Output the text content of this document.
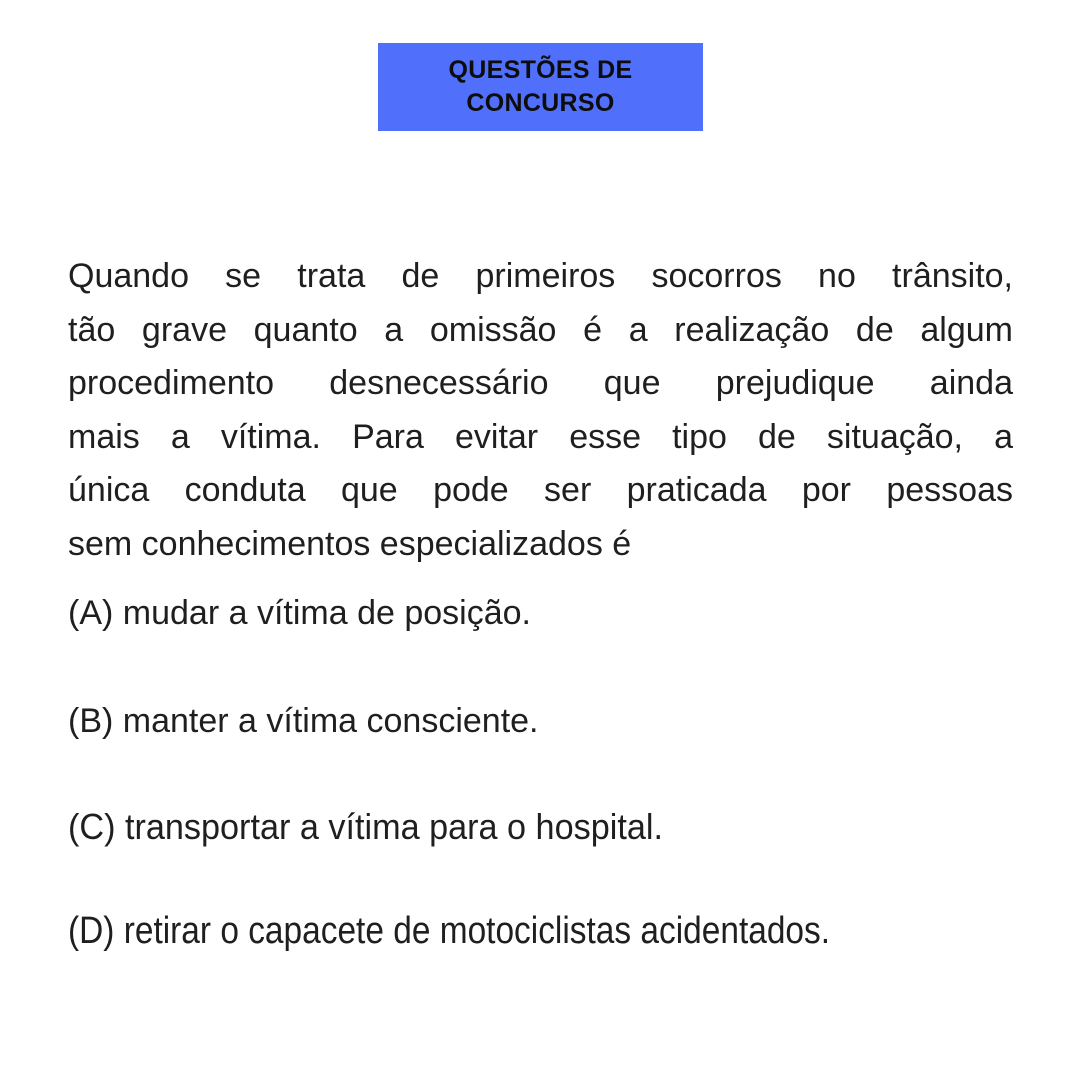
QUESTÕES DE
CONCURSO

Quando se trata de primeiros socorros no trânsito,
tão grave quanto a omissão é a realização de algum
procedimento desnecessário que prejudique ainda
mais a vítima. Para evitar esse tipo de situação, a
única conduta que pode ser praticada por pessoas
sem conhecimentos especializados é

(A) mudar a vítima de posição.
(B) manter a vítima consciente.
(C) transportar a vítima para o hospital.
(D) retirar o capacete de motociclistas acidentados.
